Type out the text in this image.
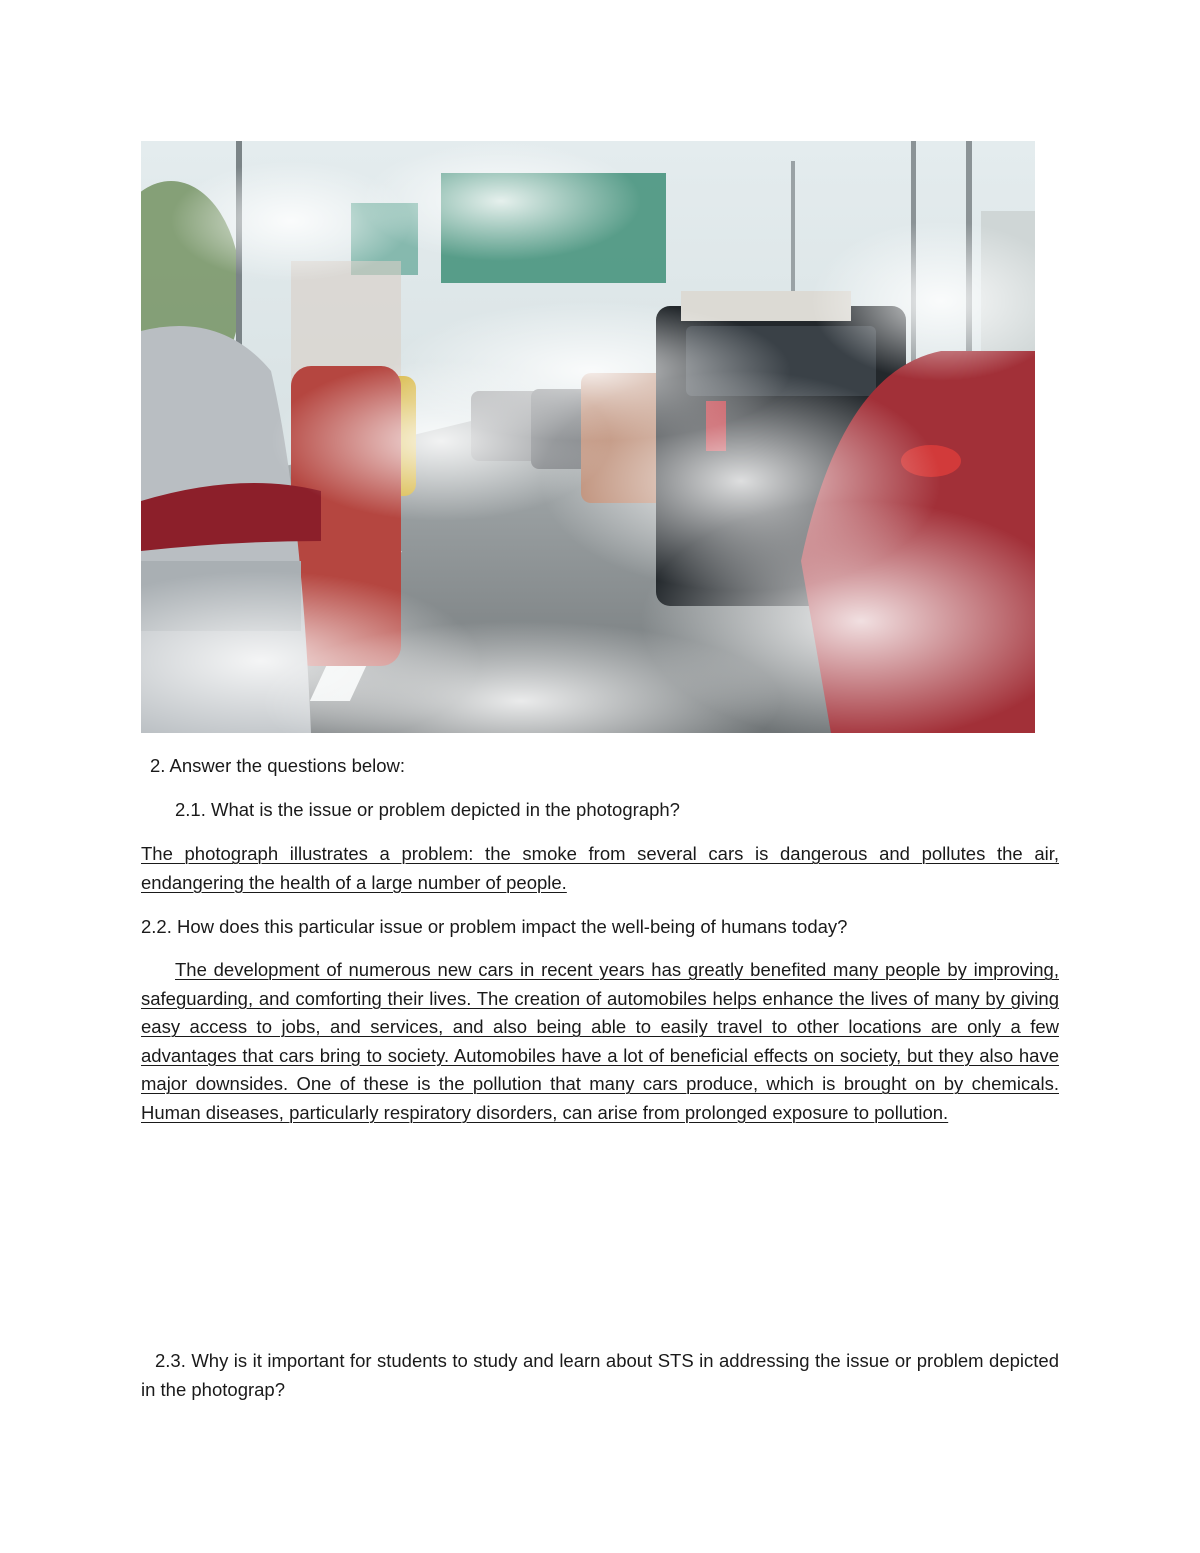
2. Answer the questions below:
2.1. What is the issue or problem depicted in the photograph?
The photograph illustrates a problem: the smoke from several cars is dangerous and pollutes the air, endangering the health of a large number of people.
2.2. How does this particular issue or problem impact the well-being of humans today?
The development of numerous new cars in recent years has greatly benefited many people by improving, safeguarding, and comforting their lives. The creation of automobiles helps enhance the lives of many by giving easy access to jobs, and services, and also being able to easily travel to other locations are only a few advantages that cars bring to society. Automobiles have a lot of beneficial effects on society, but they also have major downsides. One of these is the pollution that many cars produce, which is brought on by chemicals. Human diseases, particularly respiratory disorders, can arise from prolonged exposure to pollution.
2.3. Why is it important for students to study and learn about STS in addressing the issue or problem depicted in the photograp?
